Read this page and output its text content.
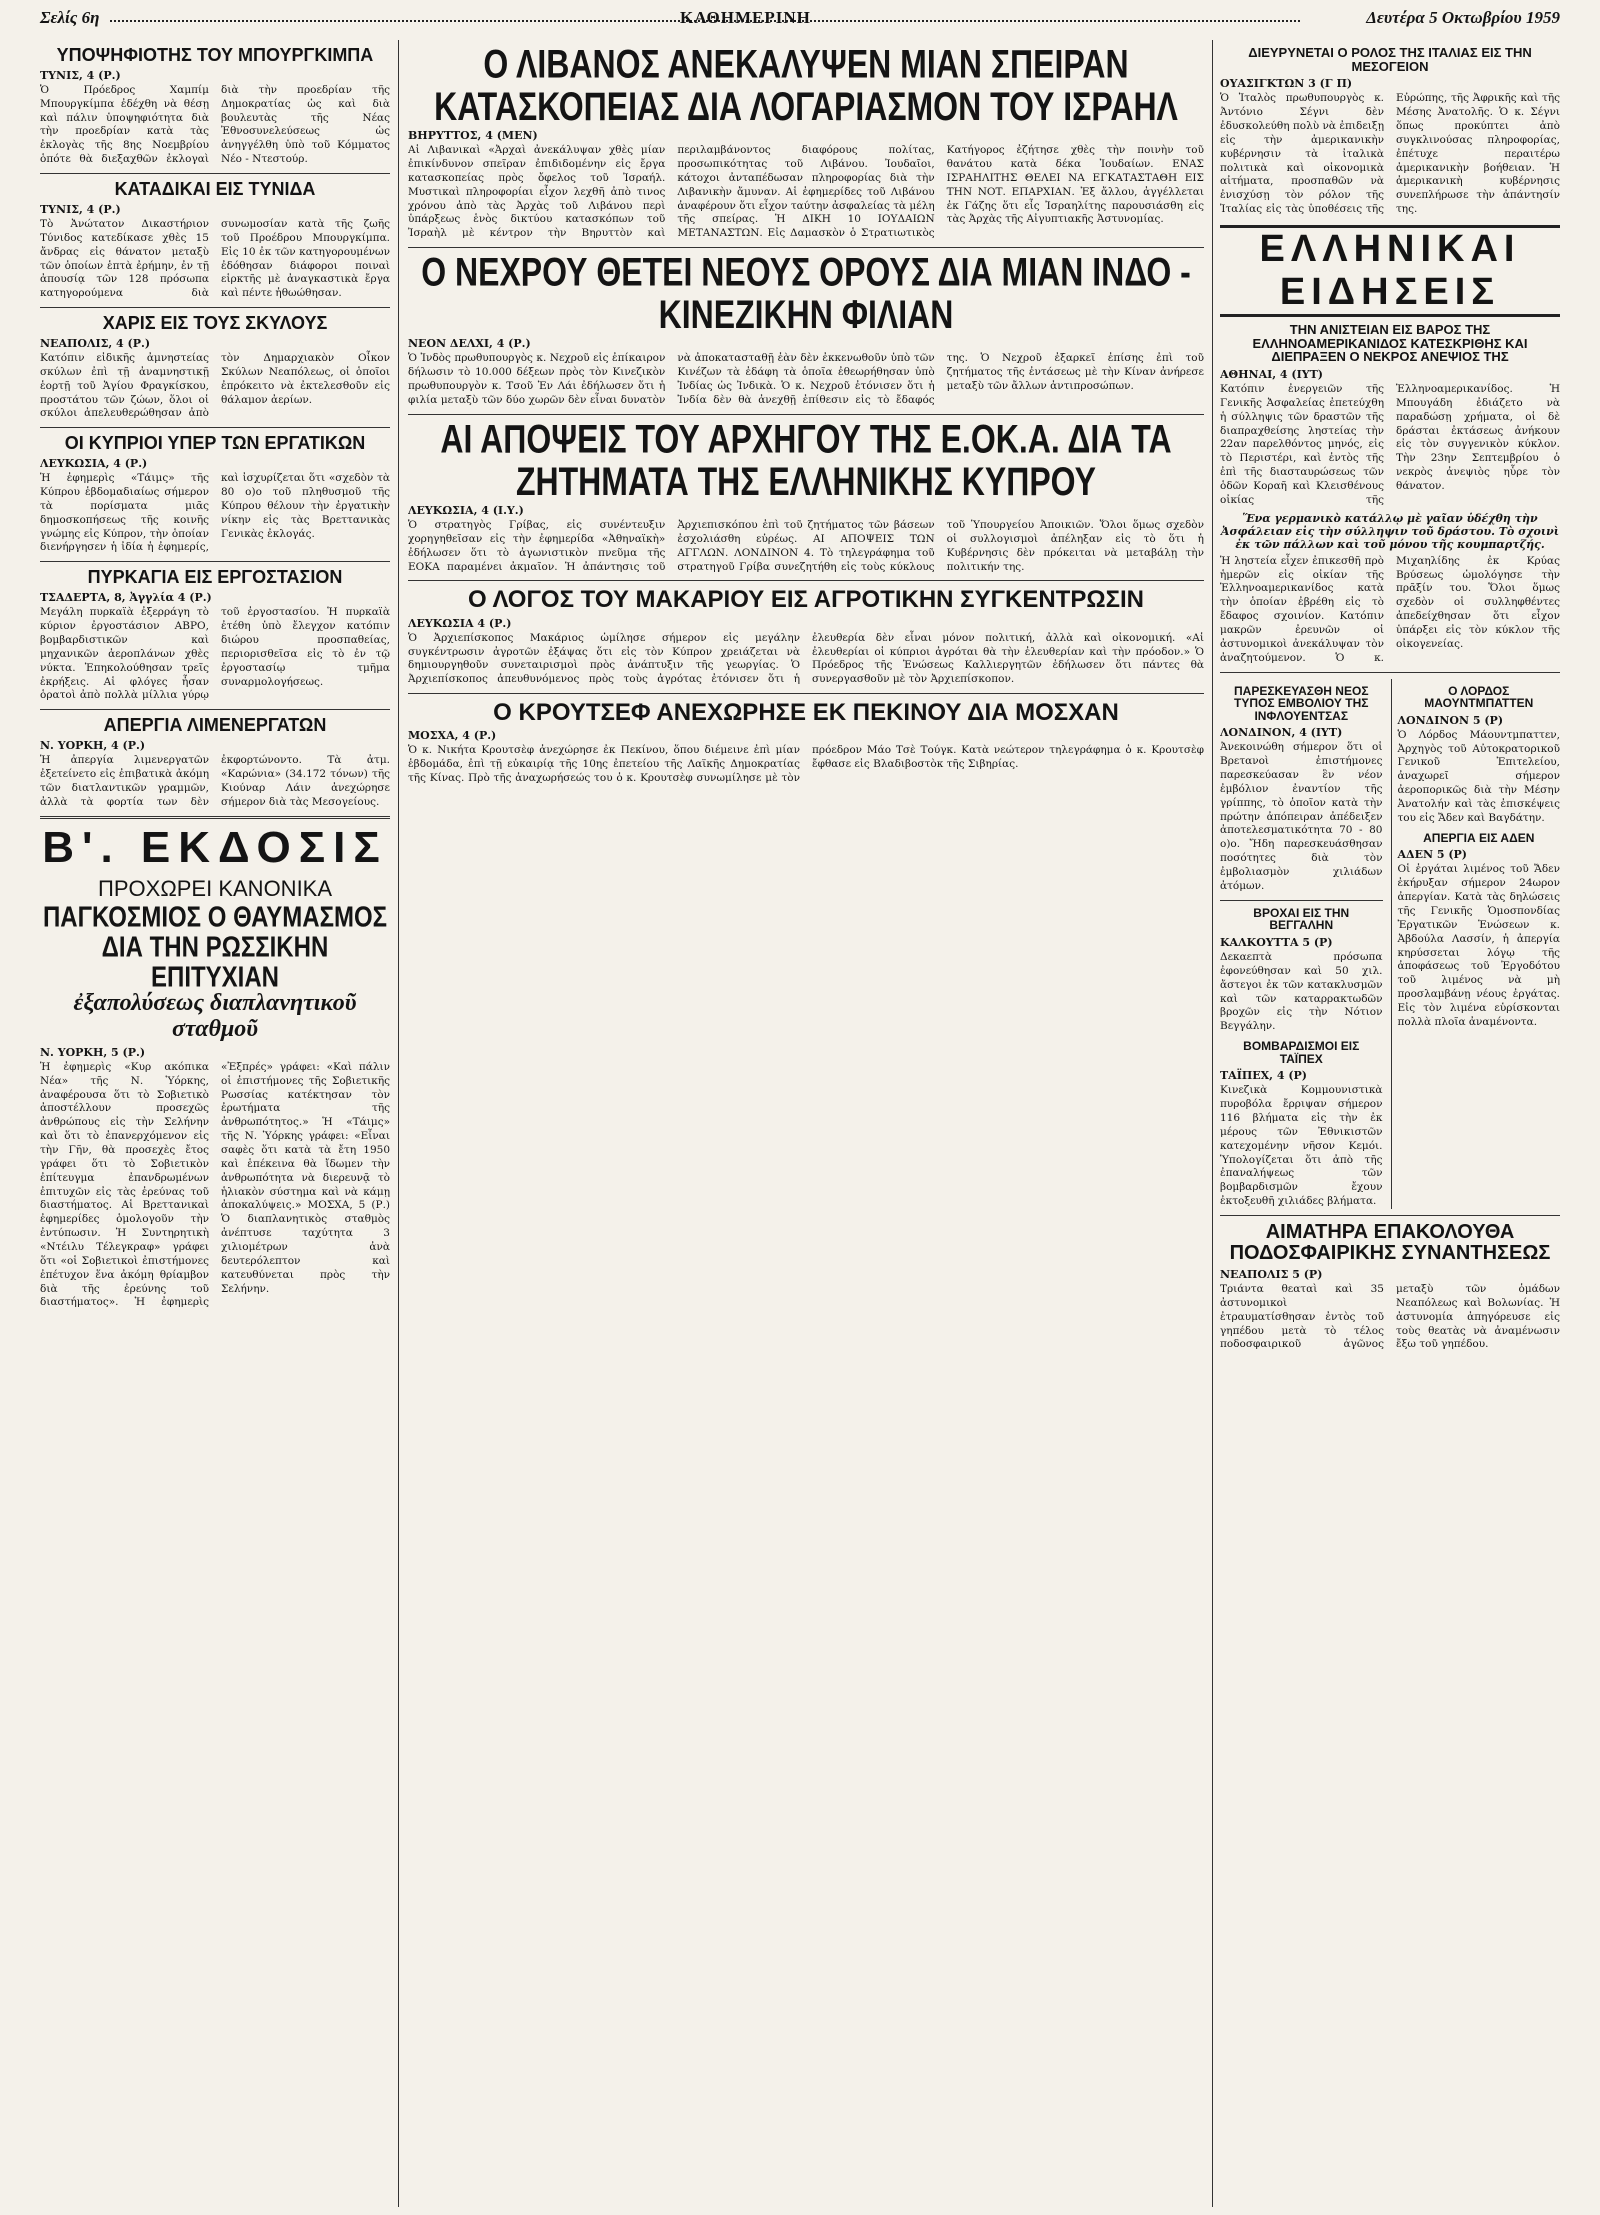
Σελίς 6η	ΚΑΘΗΜΕΡΙΝΗ	Δευτέρα 5 Οκτωβρίου 1959
ΥΠΟΨΗΦΙΟΤΗΣ ΤΟΥ ΜΠΟΥΡΓΚΙΜΠΑ
ΤΥΝΙΣ, 4 (Ρ.)

Ὁ Πρόεδρος Χαμπίμ Μπουργκίμπα ἐδέχθη νὰ θέσῃ καὶ πάλιν ὑποψηφιότητα διὰ τὴν προεδρίαν κατὰ τὰς ἐκλογὰς τῆς 8ης Νοεμβρίου ὁπότε θὰ διεξαχθῶν ἐκλογαὶ διὰ τὴν προεδρίαν τῆς Δημοκρατίας ὡς καὶ διὰ βουλευτὰς τῆς Νέας Ἐθνοσυνελεύσεως ὡς ἀνηγγέλθη ὑπὸ τοῦ Κόμματος Νέο - Ντεστούρ.

ΚΑΤΑΔΙΚΑΙ ΕΙΣ ΤΥΝΙΔΑ
ΤΥΝΙΣ, 4 (Ρ.)

Τὸ Ἀνώτατον Δικαστήριον Τύνιδος κατεδίκασε χθὲς 15 ἄνδρας εἰς θάνατον μεταξὺ τῶν ὁποίων ἑπτὰ ἐρήμην, ἐν τῇ ἀπουσίᾳ τῶν 128 πρόσωπα κατηγορούμενα διὰ συνωμοσίαν κατὰ τῆς ζωῆς τοῦ Προέδρου Μπουργκίμπα. Εἰς 10 ἐκ τῶν κατηγορουμένων ἐδόθησαν διάφοροι ποιναὶ εἱρκτῆς μὲ ἀναγκαστικὰ ἔργα καὶ πέντε ἠθωώθησαν.

ΧΑΡΙΣ ΕΙΣ ΤΟΥΣ ΣΚΥΛΟΥΣ
ΝΕΑΠΟΛΙΣ, 4 (Ρ.)

Κατόπιν εἰδικῆς ἀμνηστείας σκύλων ἐπὶ τῇ ἀναμνηστικῇ ἑορτῇ τοῦ Ἁγίου Φραγκίσκου, προστάτου τῶν ζώων, ὅλοι οἱ σκύλοι ἀπελευθερώθησαν ἀπὸ τὸν Δημαρχιακὸν Οἶκον Σκύλων Νεαπόλεως, οἱ ὁποῖοι ἐπρόκειτο νὰ ἐκτελεσθοῦν εἰς θάλαμον ἀερίων.

ΟΙ ΚΥΠΡΙΟΙ ΥΠΕΡ ΤΩΝ ΕΡΓΑΤΙΚΩΝ
ΛΕΥΚΩΣΙΑ, 4 (Ρ.)

Ἡ ἐφημερὶς «Τάιμς» τῆς Κύπρου ἑβδομαδιαίως σήμερον τὰ πορίσματα μιᾶς δημοσκοπήσεως τῆς κοινῆς γνώμης εἰς Κύπρον, τὴν ὁποίαν διενήργησεν ἡ ἰδία ἡ ἐφημερίς, καὶ ἰσχυρίζεται ὅτι «σχεδὸν τὰ 80 ο)ο τοῦ πληθυσμοῦ τῆς Κύπρου θέλουν τὴν ἐργατικὴν νίκην εἰς τὰς Βρεττανικὰς Γενικὰς ἐκλογάς.

ΠΥΡΚΑΓΙΑ ΕΙΣ ΕΡΓΟΣΤΑΣΙΟΝ
ΤΣΑΔΕΡΤΑ, 8, Ἀγγλία 4 (Ρ.)

Μεγάλη πυρκαϊὰ ἐξερράγη τὸ κύριον ἐργοστάσιον ΑΒΡΟ, βομβαρδιστικῶν καὶ μηχανικῶν ἀεροπλάνων χθὲς νύκτα. Ἐπηκολούθησαν τρεῖς ἐκρήξεις. Αἱ φλόγες ἦσαν ὁρατοὶ ἀπὸ πολλὰ μίλλια γύρῳ τοῦ ἐργοστασίου. Ἡ πυρκαϊὰ ἐτέθη ὑπὸ ἔλεγχον κατόπιν διώρου προσπαθείας, περιορισθεῖσα εἰς τὸ ἐν τῷ ἐργοστασίῳ τμῆμα συναρμολογήσεως.

ΑΠΕΡΓΙΑ ΛΙΜΕΝΕΡΓΑΤΩΝ
Ν. ΥΟΡΚΗ, 4 (Ρ.)

Ἡ ἀπεργία λιμενεργατῶν ἐξετείνετο εἰς ἐπιβατικὰ ἀκόμη τῶν διατλαντικῶν γραμμῶν, ἀλλὰ τὰ φορτία των δὲν ἐκφορτώνοντο. Τὰ ἀτμ. «Καρώνια» (34.172 τόνων) τῆς Κιούναρ Λάιν ἀνεχώρησε σήμερον διὰ τὰς Μεσογείους.

Β'. ΕΚΔΟΣΙΣ
ΠΡΟΧΩΡΕΙ ΚΑΝΟΝΙΚΑ
ΠΑΓΚΟΣΜΙΟΣ Ο ΘΑΥΜΑΣΜΟΣ ΔΙΑ ΤΗΝ ΡΩΣΣΙΚΗΝ ΕΠΙΤΥΧΙΑΝ
ἐξαπολύσεως διαπλανητικοῦ σταθμοῦ
Ν. ΥΟΡΚΗ, 5 (Ρ.)

Ἡ ἐφημερὶς «Κυρ ακόπικα Νέα» τῆς Ν. Ὑόρκης, ἀναφέρουσα ὅτι τὸ Σοβιετικὸ ἀποστέλλουν προσεχῶς ἀνθρώπους εἰς τὴν Σελήνην καὶ ὅτι τὸ ἐπανερχόμενον εἰς τὴν Γῆν, θὰ προσεχὲς ἔτος γράφει ὅτι τὸ Σοβιετικὸν ἐπίτευγμα ἐπανδρωμένων ἐπιτυχῶν εἰς τὰς ἐρεύνας τοῦ διαστήματος. Αἱ Βρεττανικαὶ ἐφημερίδες ὁμολογοῦν τὴν ἐντύπωσιν. Ἡ Συντηρητικὴ «Ντέιλυ Τέλεγκραφ» γράφει ὅτι «οἱ Σοβιετικοὶ ἐπιστήμονες ἐπέτυχον ἕνα ἀκόμη θρίαμβον διὰ τῆς ἐρεύνης τοῦ διαστήματος». Ἡ ἐφημερὶς «Ἐξπρές» γράφει: «Καὶ πάλιν οἱ ἐπιστήμονες τῆς Σοβιετικῆς Ρωσσίας κατέκτησαν τὸν ἐρωτήματα τῆς ἀνθρωπότητος.» Ἡ «Τάιμς» τῆς Ν. Ὑόρκης γράφει: «Εἶναι σαφὲς ὅτι κατὰ τὰ ἔτη 1950 καὶ ἑπέκεινα θὰ ἴδωμεν τὴν ἀνθρωπότητα νὰ διερευνᾷ τὸ ἡλιακὸν σύστημα καὶ νὰ κάμῃ ἀποκαλύψεις.» ΜΟΣΧΑ, 5 (Ρ.) Ὁ διαπλανητικὸς σταθμὸς ἀνέπτυσε ταχύτητα 3 χιλιομέτρων ἀνὰ δευτερόλεπτον καὶ κατευθύνεται πρὸς τὴν Σελήνην.

Ο ΛΙΒΑΝΟΣ ΑΝΕΚΑΛΥΨΕΝ ΜΙΑΝ ΣΠΕΙΡΑΝ ΚΑΤΑΣΚΟΠΕΙΑΣ ΔΙΑ ΛΟΓΑΡΙΑΣΜΟΝ ΤΟΥ ΙΣΡΑΗΛ
ΒΗΡΥΤΤΟΣ, 4 (ΜΕΝ)

Αἱ Λιβανικαὶ «Ἀρχαὶ ἀνεκάλυψαν χθὲς μίαν ἐπικίνδυνον σπεῖραν ἐπιδιδομένην εἰς ἔργα κατασκοπείας πρὸς ὄφελος τοῦ Ἰσραήλ. Μυστικαὶ πληροφορίαι εἶχον λεχθῆ ἀπὸ τινος χρόνου ἀπὸ τὰς Ἀρχὰς τοῦ Λιβάνου περὶ ὑπάρξεως ἑνὸς δικτύου κατασκόπων τοῦ Ἰσραὴλ μὲ κέντρον τὴν Βηρυττὸν καὶ περιλαμβάνοντος διαφόρους πολίτας, προσωπικότητας τοῦ Λιβάνου. Ἰουδαῖοι, κάτοχοι ἀνταπέδωσαν πληροφορίας διὰ τὴν Λιβανικὴν ἄμυναν. Αἱ ἐφημερίδες τοῦ Λιβάνου ἀναφέρουν ὅτι εἶχον ταύτην ἀσφαλείας τὰ μέλη τῆς σπείρας. Ἡ ΔΙΚΗ 10 ΙΟΥΔΑΙΩΝ ΜΕΤΑΝΑΣΤΩΝ. Εἰς Δαμασκὸν ὁ Στρατιωτικὸς Κατήγορος ἐζήτησε χθὲς τὴν ποινὴν τοῦ θανάτου κατὰ δέκα Ἰουδαίων. ΕΝΑΣ ΙΣΡΑΗΛΙΤΗΣ ΘΕΛΕΙ ΝΑ ΕΓΚΑΤΑΣΤΑΘΗ ΕΙΣ ΤΗΝ ΝΟΤ. ΕΠΑΡΧΙΑΝ. Ἐξ ἄλλου, ἀγγέλλεται ἐκ Γάζης ὅτι εἷς Ἰσραηλίτης παρουσιάσθη εἰς τὰς Ἀρχὰς τῆς Αἰγυπτιακῆς Ἀστυνομίας.

Ο ΝΕΧΡΟΥ ΘΕΤΕΙ ΝΕΟΥΣ ΟΡΟΥΣ ΔΙΑ ΜΙΑΝ ΙΝΔΟ - ΚΙΝΕΖΙΚΗΝ ΦΙΛΙΑΝ
ΝΕΟΝ ΔΕΛΧΙ, 4 (Ρ.)

Ὁ Ἰνδὸς πρωθυπουργὸς κ. Νεχροῦ εἰς ἐπίκαιρον δήλωσιν τὸ 10.000 δέξεων πρὸς τὸν Κινεζικὸν πρωθυπουργὸν κ. Τσοῦ Ἐν Λάι ἐδήλωσεν ὅτι ἡ φιλία μεταξὺ τῶν δύο χωρῶν δὲν εἶναι δυνατὸν νὰ ἀποκατασταθῇ ἐὰν δὲν ἐκκενωθοῦν ὑπὸ τῶν Κινέζων τὰ ἐδάφη τὰ ὁποῖα ἐθεωρήθησαν ὑπὸ Ἰνδίας ὡς Ἰνδικὰ. Ὁ κ. Νεχροῦ ἐτόνισεν ὅτι ἡ Ἰνδία δὲν θὰ ἀνεχθῇ ἐπίθεσιν εἰς τὸ ἔδαφός της. Ὁ Νεχροῦ ἐξαρκεῖ ἐπίσης ἐπὶ τοῦ ζητήματος τῆς ἐντάσεως μὲ τὴν Κίναν ἀνήρεσε μεταξὺ τῶν ἄλλων ἀντιπροσώπων.

ΑΙ ΑΠΟΨΕΙΣ ΤΟΥ ΑΡΧΗΓΟΥ ΤΗΣ Ε.ΟΚ.Α. ΔΙΑ ΤΑ ΖΗΤΗΜΑΤΑ ΤΗΣ ΕΛΛΗΝΙΚΗΣ ΚΥΠΡΟΥ
ΛΕΥΚΩΣΙΑ, 4 (Ι.Υ.)

Ὁ στρατηγὸς Γρίβας, εἰς συνέντευξιν χορηγηθεῖσαν εἰς τὴν ἐφημερίδα «Ἀθηναϊκὴ» ἐδήλωσεν ὅτι τὸ ἀγωνιστικὸν πνεῦμα τῆς ΕΟΚΑ παραμένει ἀκμαῖον. Ἡ ἀπάντησις τοῦ Ἀρχιεπισκόπου ἐπὶ τοῦ ζητήματος τῶν βάσεων ἐσχολιάσθη εὐρέως. ΑΙ ΑΠΟΨΕΙΣ ΤΩΝ ΑΓΓΛΩΝ. ΛΟΝΔΙΝΟΝ 4. Τὸ τηλεγράφημα τοῦ στρατηγοῦ Γρίβα συνεζητήθη εἰς τοὺς κύκλους τοῦ Ὑπουργείου Ἀποικιῶν. Ὅλοι ὅμως σχεδὸν οἱ συλλογισμοὶ ἀπέληξαν εἰς τὸ ὅτι ἡ Κυβέρνησις δὲν πρόκειται νὰ μεταβάλῃ τὴν πολιτικήν της.

Ο ΛΟΓΟΣ ΤΟΥ ΜΑΚΑΡΙΟΥ ΕΙΣ ΑΓΡΟΤΙΚΗΝ ΣΥΓΚΕΝΤΡΩΣΙΝ
ΛΕΥΚΩΣΙΑ 4 (Ρ.)

Ὁ Ἀρχιεπίσκοπος Μακάριος ὡμίλησε σήμερον εἰς μεγάλην συγκέντρωσιν ἀγροτῶν ἐξάψας ὅτι εἰς τὸν Κύπρον χρειάζεται νὰ δημιουργηθοῦν συνεταιρισμοὶ πρὸς ἀνάπτυξιν τῆς γεωργίας. Ὁ Ἀρχιεπίσκοπος ἀπευθυνόμενος πρὸς τοὺς ἀγρότας ἐτόνισεν ὅτι ἡ ἐλευθερία δὲν εἶναι μόνον πολιτική, ἀλλὰ καὶ οἰκονομική. «Αἱ ἐλευθερίαι οἱ κύπριοι ἀγρόται θὰ τὴν ἐλευθερίαν καὶ τὴν πρόοδον.» Ὁ Πρόεδρος τῆς Ἑνώσεως Καλλιεργητῶν ἐδήλωσεν ὅτι πάντες θὰ συνεργασθοῦν μὲ τὸν Ἀρχιεπίσκοπον.

Ο ΚΡΟΥΤΣΕΦ ΑΝΕΧΩΡΗΣΕ ΕΚ ΠΕΚΙΝΟΥ ΔΙΑ ΜΟΣΧΑΝ
ΜΟΣΧΑ, 4 (Ρ.)

Ὁ κ. Νικήτα Κρουτσὲφ ἀνεχώρησε ἐκ Πεκίνου, ὅπου διέμεινε ἐπὶ μίαν ἑβδομάδα, ἐπὶ τῇ εὐκαιρίᾳ τῆς 10ης ἐπετείου τῆς Λαϊκῆς Δημοκρατίας τῆς Κίνας. Πρὸ τῆς ἀναχωρήσεώς του ὁ κ. Κρουτσὲφ συνωμίλησε μὲ τὸν πρόεδρον Μάο Τσὲ Τούγκ. Κατὰ νεώτερον τηλεγράφημα ὁ κ. Κρουτσὲφ ἔφθασε εἰς Βλαδιβοστὸκ τῆς Σιβηρίας.

ΔΙΕΥΡΥΝΕΤΑΙ Ο ΡΟΛΟΣ ΤΗΣ ΙΤΑΛΙΑΣ ΕΙΣ ΤΗΝ ΜΕΣΟΓΕΙΟΝ
ΟΥΑΣΙΓΚΤΩΝ 3 (Γ Π)

Ὁ Ἰταλὸς πρωθυπουργὸς κ. Ἀντόνιο Σέγνι δὲν ἐδυσκολεύθη πολὺ νὰ ἐπιδειξῃ εἰς τὴν ἀμερικανικὴν κυβέρνησιν τὰ ἰταλικὰ πολιτικὰ καὶ οἰκονομικὰ αἰτήματα, προσπαθῶν νὰ ἐνισχύσῃ τὸν ρόλον τῆς Ἰταλίας εἰς τὰς ὑποθέσεις τῆς Εὐρώπης, τῆς Ἀφρικῆς καὶ τῆς Μέσης Ἀνατολῆς. Ὁ κ. Σέγνι ὅπως προκύπτει ἀπὸ συγκλινούσας πληροφορίας, ἐπέτυχε περαιτέρω ἀμερικανικὴν βοήθειαν. Ἡ ἀμερικανικὴ κυβέρνησις συνεπλήρωσε τὴν ἀπάντησίν της.

ΕΛΛΗΝΙΚΑΙ ΕΙΔΗΣΕΙΣ
ΤΗΝ ΑΝΙΣΤΕΙΑΝ ΕΙΣ ΒΑΡΟΣ ΤΗΣ ΕΛΛΗΝΟΑΜΕΡΙΚΑΝΙΔΟΣ ΚΑΤΕΣΚΡΙΘΗΣ ΚΑΙ ΔΙΕΠΡΑΞΕΝ Ο ΝΕΚΡΟΣ ΑΝΕΨΙΟΣ ΤΗΣ
ΑΘΗΝΑΙ, 4 (ΙΥΤ)

Κατόπιν ἐνεργειῶν τῆς Γενικῆς Ἀσφαλείας ἐπετεύχθη ἡ σύλληψις τῶν δραστῶν τῆς διαπραχθείσης ληστείας τὴν 22αν παρελθόντος μηνός, εἰς τὸ Περιστέρι, καὶ ἐντὸς τῆς ἐπὶ τῆς διασταυρώσεως τῶν ὁδῶν Κοραῆ καὶ Κλεισθένους οἰκίας τῆς Ἑλληνοαμερικανίδος. Ἡ Μπουγάδη ἐδιάζετο νὰ παραδώσῃ χρήματα, οἱ δὲ δράσται ἐκτάσεως ἀνήκουν εἰς τὸν συγγενικὸν κύκλον. Τὴν 23ην Σεπτεμβρίου ὁ νεκρὸς ἀνεψιὸς ηὗρε τὸν θάνατον.

Ἕνα γερμανικὸ κατάλλῳ μὲ γαῖαν ὑδέχθη τὴν Ἀσφάλειαν εἰς τὴν σύλληψιν τοῦ δράστου. Τὸ σχοινὶ ἐκ τῶν πάλλων καὶ τοῦ μόνου τῆς κουμπαρτζής.

Ἡ ληστεία εἶχεν ἐπικεσθῆ πρὸ ἡμερῶν εἰς οἰκίαν τῆς Ἑλληνοαμερικανίδος κατὰ τὴν ὁποίαν ἐβρέθη εἰς τὸ ἔδαφος σχοινίον. Κατόπιν μακρῶν ἐρευνῶν οἱ ἀστυνομικοὶ ἀνεκάλυψαν τὸν ἀναζητούμενον. Ὁ κ. Μιχαηλίδης ἐκ Κρύας Βρύσεως ὡμολόγησε τὴν πρᾶξίν του. Ὅλοι ὅμως σχεδὸν οἱ συλληφθέντες ἀπεδείχθησαν ὅτι εἶχον ὑπάρξει εἰς τὸν κύκλον τῆς οἰκογενείας.

ΠΑΡΕΣΚΕΥΑΣΘΗ ΝΕΟΣ ΤΥΠΟΣ ΕΜΒΟΛΙΟΥ ΤΗΣ ΙΝΦΛΟΥΕΝΤΣΑΣ
ΛΟΝΔΙΝΟΝ, 4 (ΙΥΤ)

Ἀνεκοινώθη σήμερον ὅτι οἱ Βρετανοὶ ἐπιστήμονες παρεσκεύασαν ἓν νέον ἐμβόλιον ἐναντίον τῆς γρίππης, τὸ ὁποῖον κατὰ τὴν πρώτην ἀπόπειραν ἀπέδειξεν ἀποτελεσματικότητα 70 - 80 ο)ο. Ἤδη παρεσκευάσθησαν ποσότητες διὰ τὸν ἐμβολιασμὸν χιλιάδων ἀτόμων.

ΒΡΟΧΑΙ ΕΙΣ ΤΗΝ ΒΕΓΓΑΛΗΝ
ΚΑΛΚΟΥΤΤΑ 5 (Ρ)

Δεκαεπτὰ πρόσωπα ἐφονεύθησαν καὶ 50 χιλ. ἄστεγοι ἐκ τῶν κατακλυσμῶν καὶ τῶν καταρρακτωδῶν βροχῶν εἰς τὴν Νότιον Βεγγάλην.

ΒΟΜΒΑΡΔΙΣΜΟΙ ΕΙΣ ΤΑΪΠΕΧ
ΤΑΪΠΕΧ, 4 (Ρ)

Κινεζικὰ Κομμουνιστικὰ πυροβόλα ἔρριψαν σήμερον 116 βλήματα εἰς τὴν ἐκ μέρους τῶν Ἐθνικιστῶν κατεχομένην νῆσον Κεμόι. Ὑπολογίζεται ὅτι ἀπὸ τῆς ἐπαναλήψεως τῶν βομβαρδισμῶν ἔχουν ἐκτοξευθῆ χιλιάδες βλήματα.

Ο ΛΟΡΔΟΣ ΜΑΟΥΝΤΜΠΑΤΤΕΝ
ΛΟΝΔΙΝΟΝ 5 (Ρ)

Ὁ Λόρδος Μάουντμπαττεν, Ἀρχηγὸς τοῦ Αὐτοκρατορικοῦ Γενικοῦ Ἐπιτελείου, ἀναχωρεῖ σήμερον ἀεροπορικῶς διὰ τὴν Μέσην Ἀνατολήν καὶ τὰς ἐπισκέψεις του εἰς Ἄδεν καὶ Βαγδάτην.

ΑΠΕΡΓΙΑ ΕΙΣ ΑΔΕΝ
ΑΔΕΝ 5 (Ρ)

Οἱ ἐργάται λιμένος τοῦ Ἄδεν ἐκήρυξαν σήμερον 24ωρον ἀπεργίαν. Κατὰ τὰς δηλώσεις τῆς Γενικῆς Ὁμοσπονδίας Ἐργατικῶν Ἑνώσεων κ. Ἀβδούλα Λασσίν, ἡ ἀπεργία κηρύσσεται λόγῳ τῆς ἀποφάσεως τοῦ Ἐργοδότου τοῦ λιμένος νὰ μὴ προσλαμβάνῃ νέους ἐργάτας. Εἰς τὸν λιμένα εὑρίσκονται πολλὰ πλοῖα ἀναμένοντα.

ΑΙΜΑΤΗΡΑ ΕΠΑΚΟΛΟΥΘΑ ΠΟΔΟΣΦΑΙΡΙΚΗΣ ΣΥΝΑΝΤΗΣΕΩΣ
ΝΕΑΠΟΛΙΣ 5 (Ρ)

Τριάντα θεαταὶ καὶ 35 ἀστυνομικοὶ ἐτραυματίσθησαν ἐντὸς τοῦ γηπέδου μετὰ τὸ τέλος ποδοσφαιρικοῦ ἀγῶνος μεταξὺ τῶν ὁμάδων Νεαπόλεως καὶ Βολωνίας. Ἡ ἀστυνομία ἀπηγόρευσε εἰς τοὺς θεατὰς νὰ ἀναμένωσιν ἔξω τοῦ γηπέδου.
